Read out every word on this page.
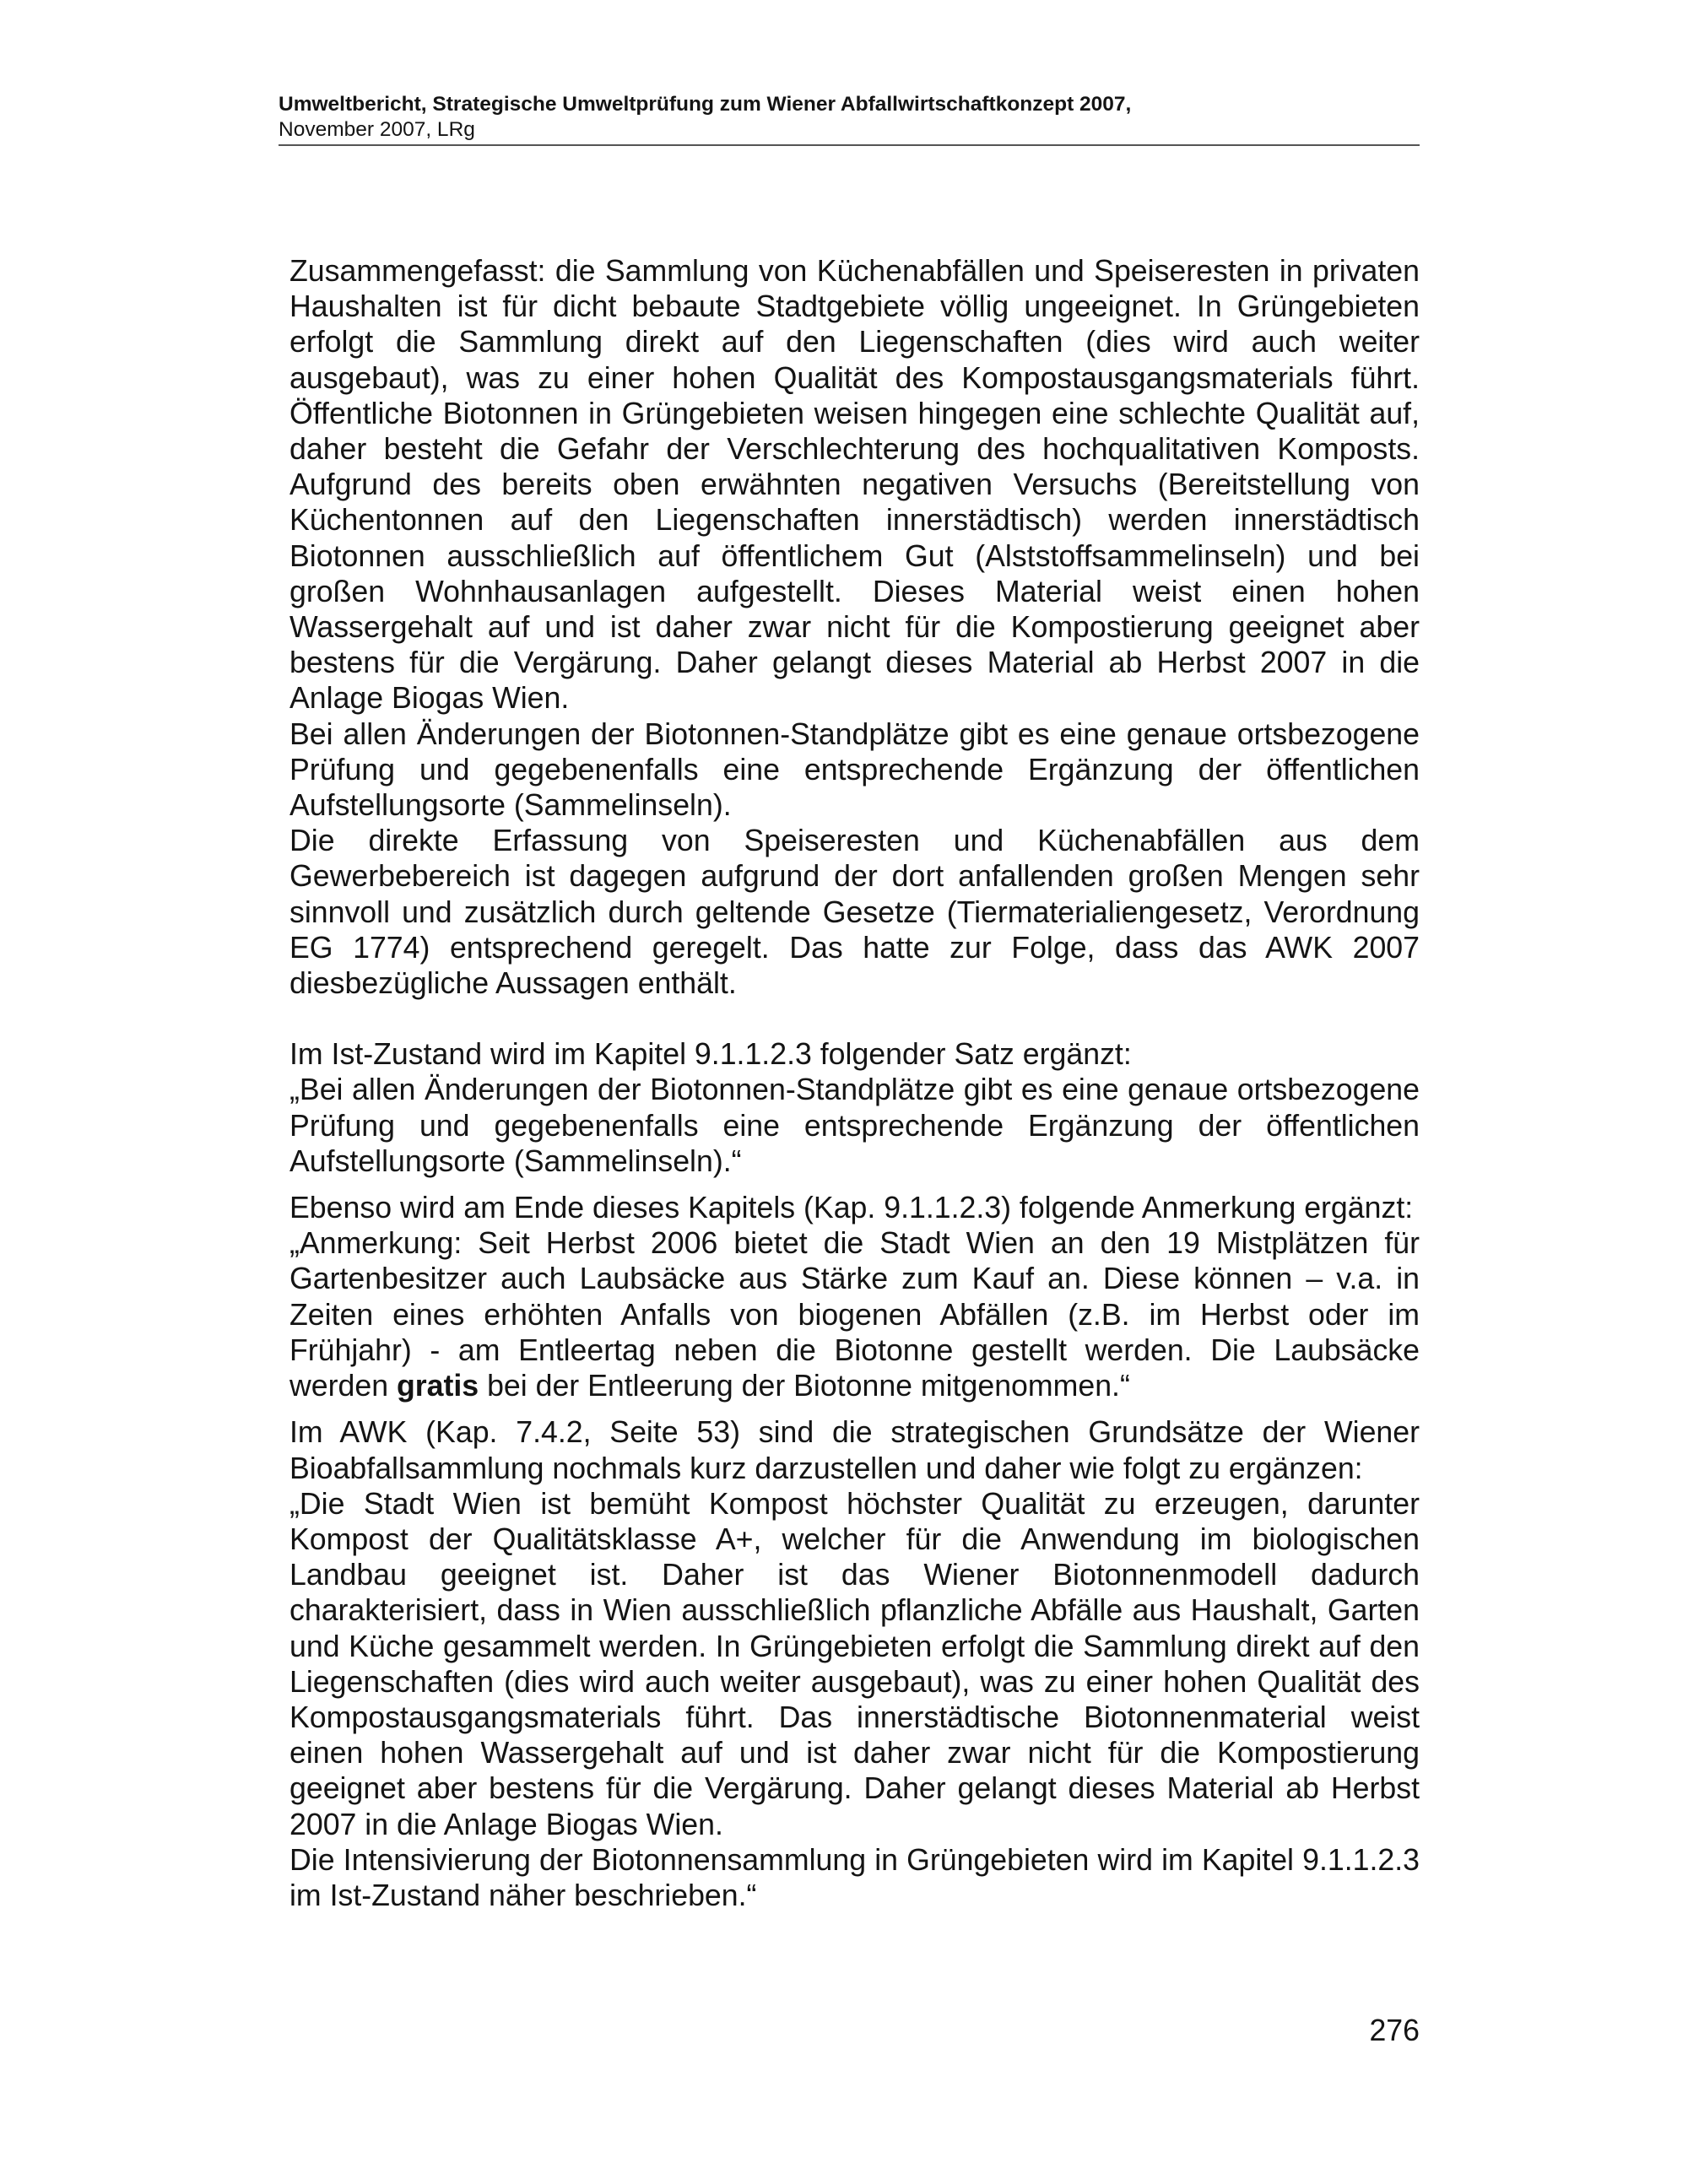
Umweltbericht, Strategische Umweltprüfung zum Wiener Abfallwirtschaftkonzept 2007,
November 2007, LRg

Zusammengefasst: die Sammlung von Küchenabfällen und Speiseresten in privaten Haushalten ist für dicht bebaute Stadtgebiete völlig ungeeignet. In Grüngebieten erfolgt die Sammlung direkt auf den Liegenschaften (dies wird auch weiter ausgebaut), was zu einer hohen Qualität des Kompostausgangsmaterials führt. Öffentliche Biotonnen in Grüngebieten weisen hingegen eine schlechte Qualität auf, daher besteht die Gefahr der Verschlechterung des hochqualitativen Komposts. Aufgrund des bereits oben erwähnten negativen Versuchs (Bereitstellung von Küchentonnen auf den Liegenschaften innerstädtisch) werden innerstädtisch Biotonnen ausschließlich auf öffentlichem Gut (Alststoffsammelinseln) und bei großen Wohnhausanlagen aufgestellt. Dieses Material weist einen hohen Wassergehalt auf und ist daher zwar nicht für die Kompostierung geeignet aber bestens für die Vergärung. Daher gelangt dieses Material ab Herbst 2007 in die Anlage Biogas Wien.

Bei allen Änderungen der Biotonnen-Standplätze gibt es eine genaue ortsbezogene Prüfung und gegebenenfalls eine entsprechende Ergänzung der öffentlichen Aufstellungsorte (Sammelinseln).

Die direkte Erfassung von Speiseresten und Küchenabfällen aus dem Gewerbebereich ist dagegen aufgrund der dort anfallenden großen Mengen sehr sinnvoll und zusätzlich durch geltende Gesetze (Tiermaterialiengesetz, Verordnung EG 1774) entsprechend geregelt. Das hatte zur Folge, dass das AWK 2007 diesbezügliche Aussagen enthält.

Im Ist-Zustand wird im Kapitel 9.1.1.2.3 folgender Satz ergänzt:

„Bei allen Änderungen der Biotonnen-Standplätze gibt es eine genaue ortsbezogene Prüfung und gegebenenfalls eine entsprechende Ergänzung der öffentlichen Aufstellungsorte (Sammelinseln).“

Ebenso wird am Ende dieses Kapitels (Kap. 9.1.1.2.3) folgende Anmerkung ergänzt:

„Anmerkung: Seit Herbst 2006 bietet die Stadt Wien an den 19 Mistplätzen für Gartenbesitzer auch Laubsäcke aus Stärke zum Kauf an. Diese können – v.a. in Zeiten eines erhöhten Anfalls von biogenen Abfällen (z.B. im Herbst oder im Frühjahr) - am Entleertag neben die Biotonne gestellt werden. Die Laubsäcke werden gratis bei der Entleerung der Biotonne mitgenommen.“

Im AWK (Kap. 7.4.2, Seite 53) sind die strategischen Grundsätze der Wiener Bioabfallsammlung nochmals kurz darzustellen und daher wie folgt zu ergänzen:

„Die Stadt Wien ist bemüht Kompost höchster Qualität zu erzeugen, darunter Kompost der Qualitätsklasse A+, welcher für die Anwendung im biologischen Landbau geeignet ist. Daher ist das Wiener Biotonnenmodell dadurch charakterisiert, dass in Wien ausschließlich pflanzliche Abfälle aus Haushalt, Garten und Küche gesammelt werden. In Grüngebieten erfolgt die Sammlung direkt auf den Liegenschaften (dies wird auch weiter ausgebaut), was zu einer hohen Qualität des Kompostausgangsmaterials führt. Das innerstädtische Biotonnenmaterial weist einen hohen Wassergehalt auf und ist daher zwar nicht für die Kompostierung geeignet aber bestens für die Vergärung. Daher gelangt dieses Material ab Herbst 2007 in die Anlage Biogas Wien.

Die Intensivierung der Biotonnensammlung in Grüngebieten wird im Kapitel 9.1.1.2.3 im Ist-Zustand näher beschrieben.“

276
